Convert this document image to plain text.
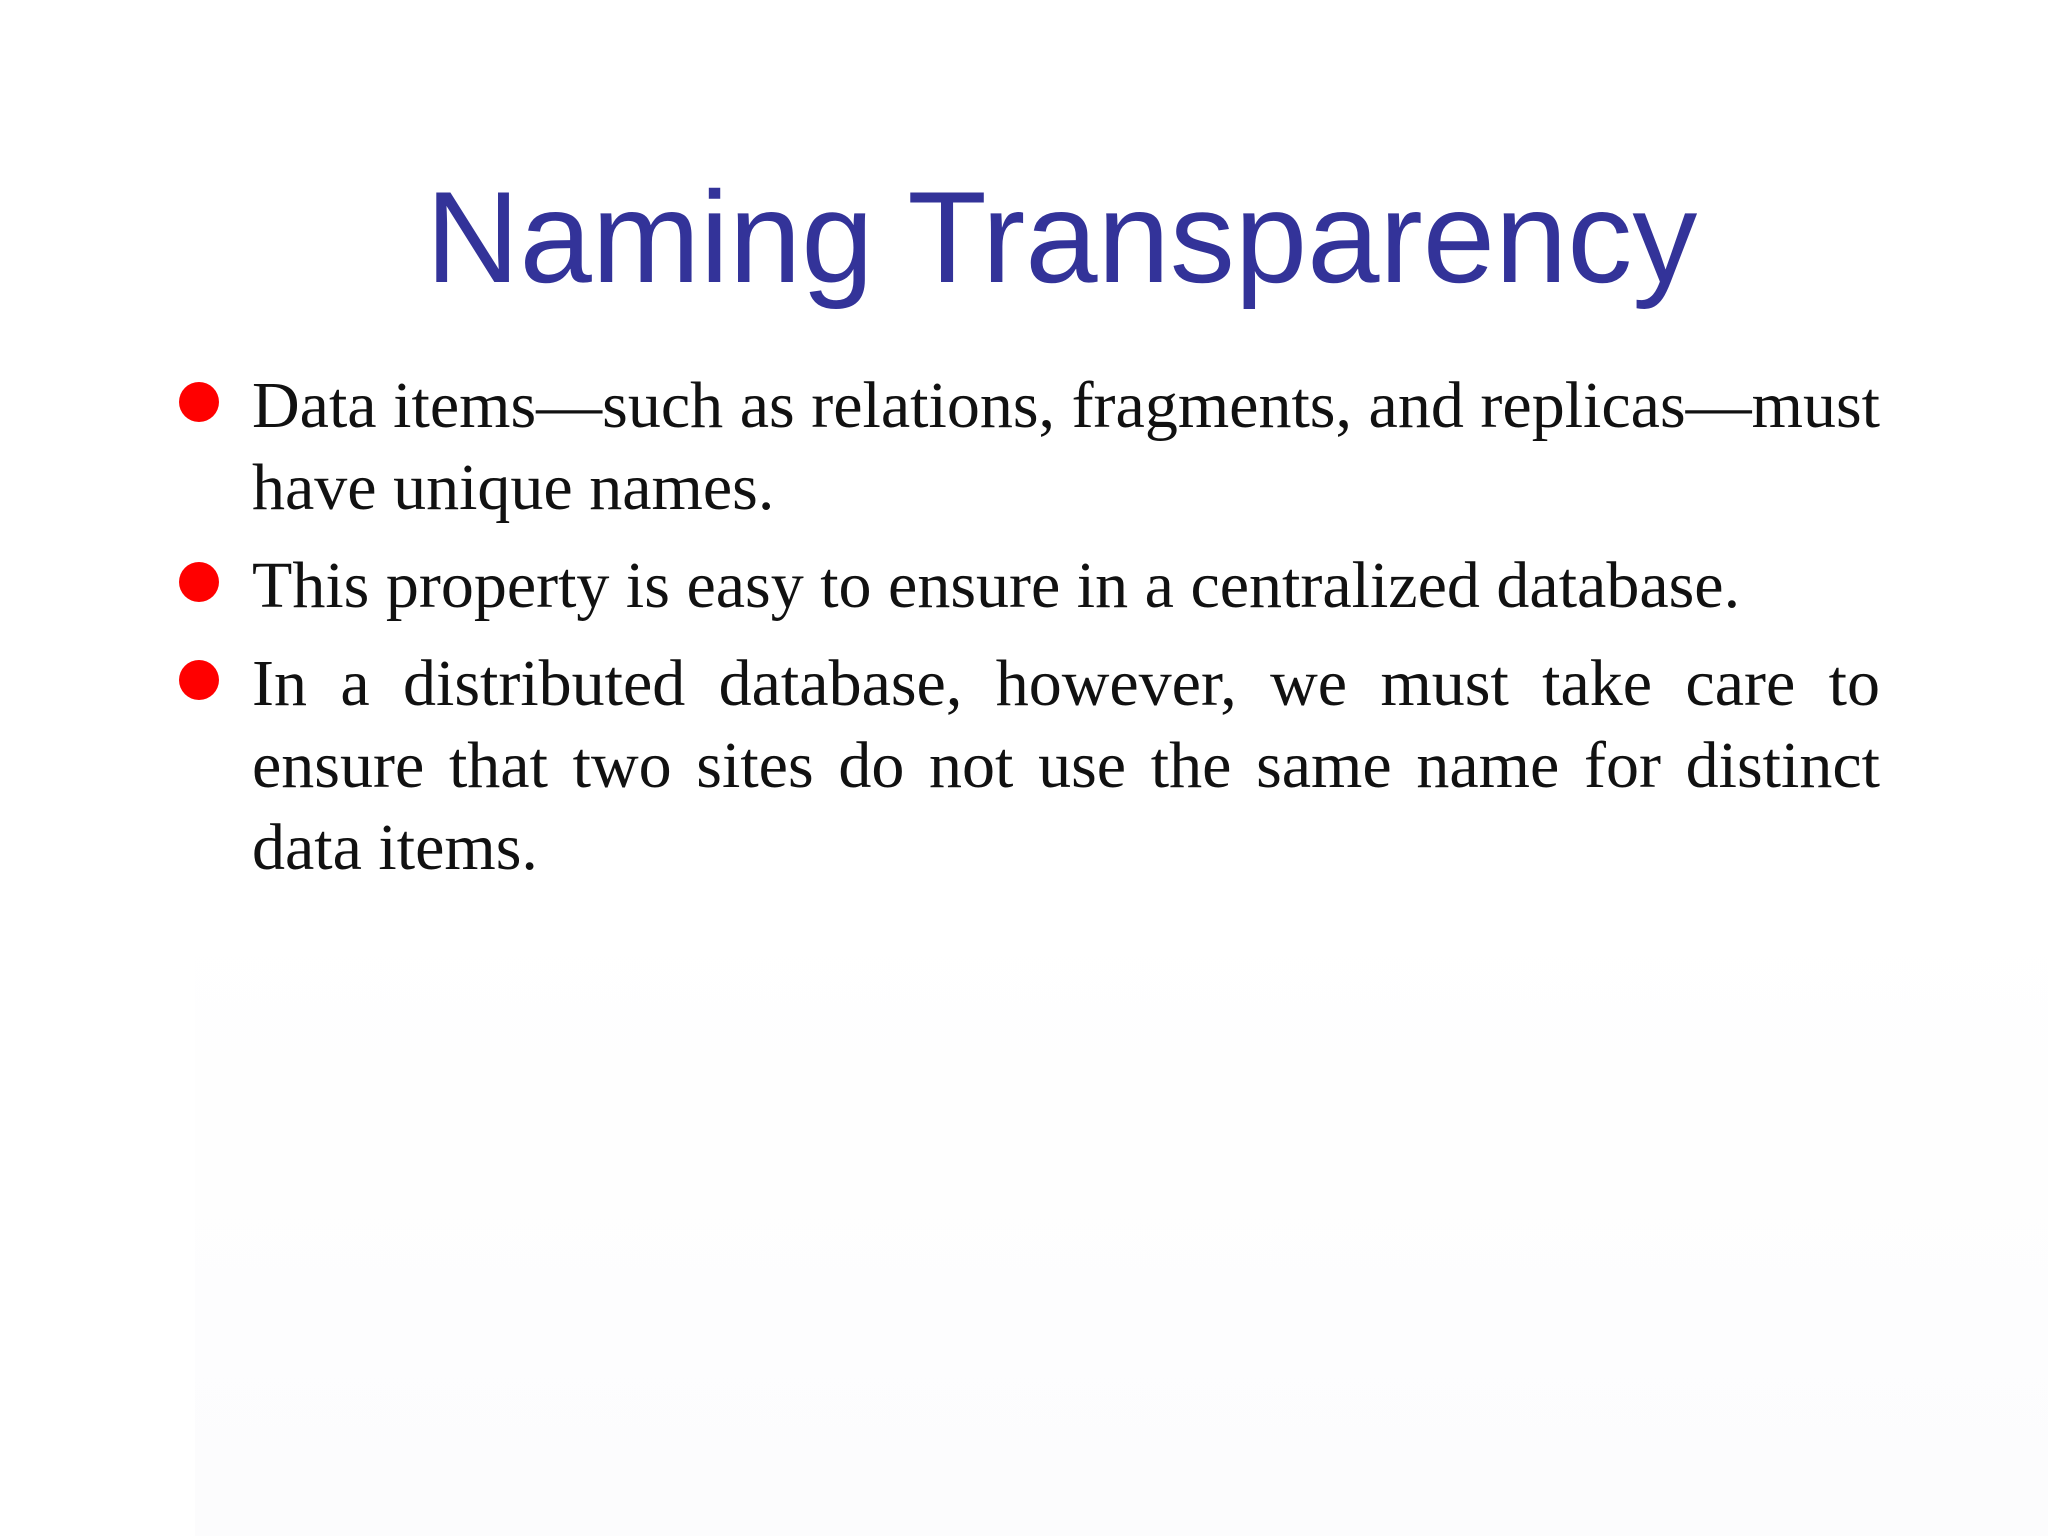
Naming Transparency
Data items—such as relations, fragments, and replicas—must have unique names.
This property is easy to ensure in a centralized database.
In a distributed database, however, we must take care to ensure that two sites do not use the same name for distinct data items.
